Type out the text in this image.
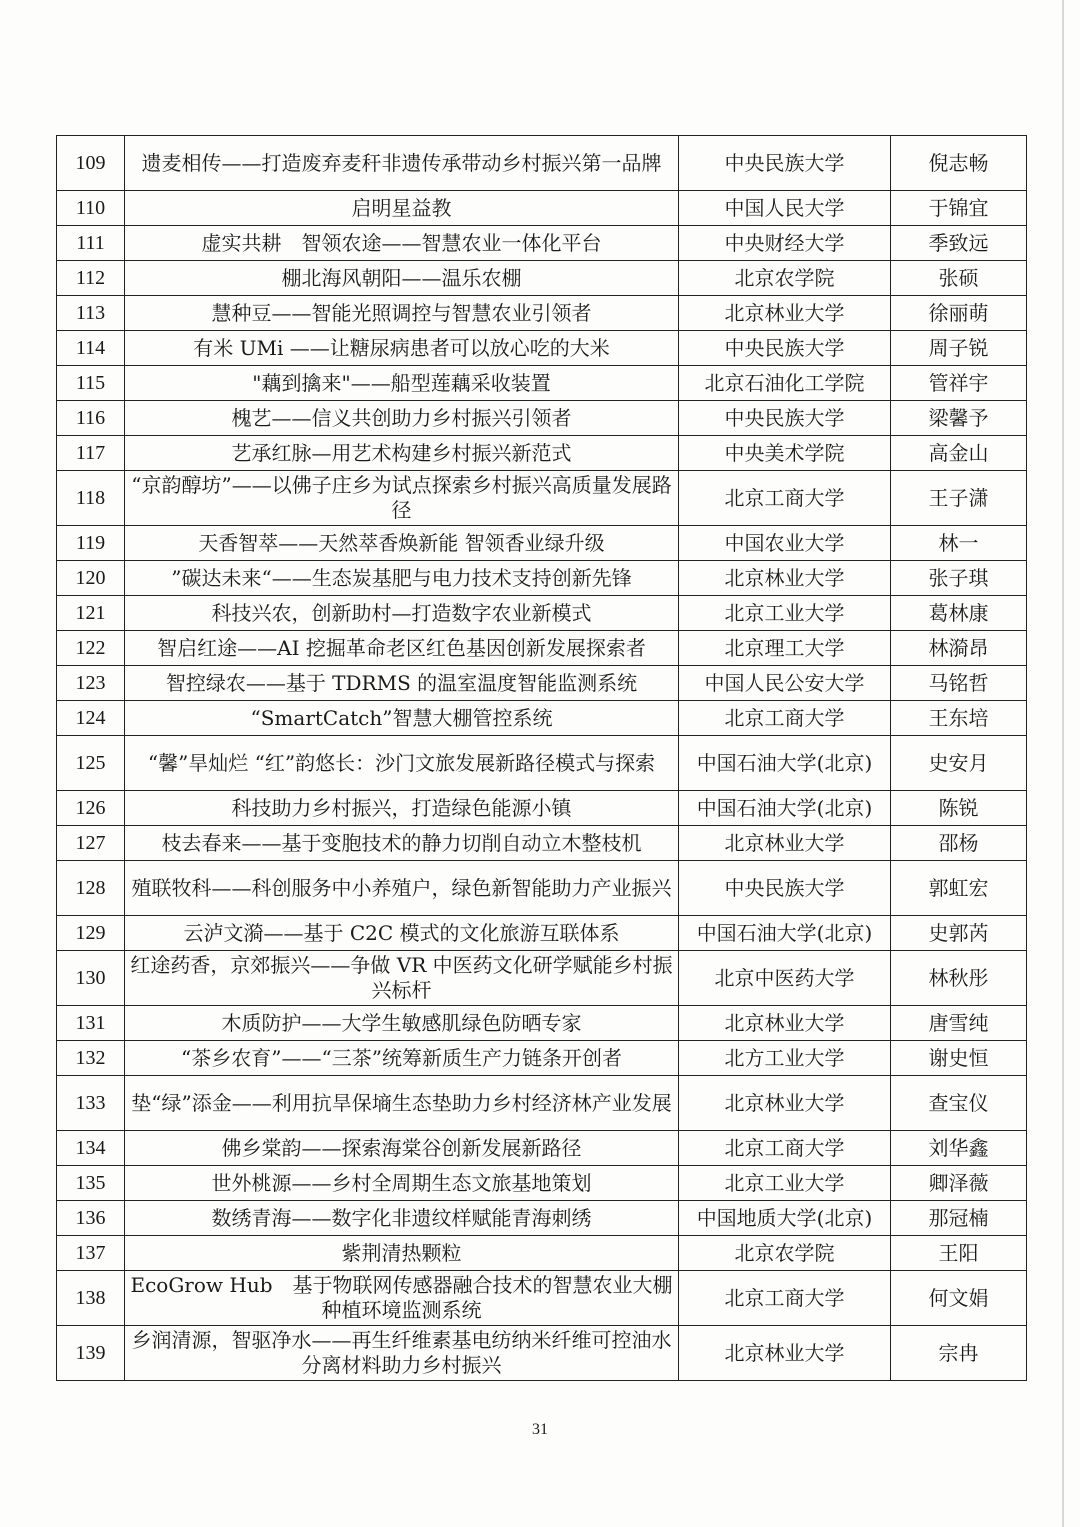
109	遗麦相传——打造废弃麦秆非遗传承带动乡村振兴第一品牌	中央民族大学	倪志畅
110	启明星益教	中国人民大学	于锦宜
111	虚实共耕　智领农途——智慧农业一体化平台	中央财经大学	季致远
112	棚北海风朝阳——温乐农棚	北京农学院	张硕
113	慧种豆——智能光照调控与智慧农业引领者	北京林业大学	徐丽萌
114	有米 UMi ——让糖尿病患者可以放心吃的大米	中央民族大学	周子锐
115	"藕到擒来"——船型莲藕采收装置	北京石油化工学院	管祥宇
116	槐艺——信义共创助力乡村振兴引领者	中央民族大学	梁馨予
117	艺承红脉—用艺术构建乡村振兴新范式	中央美术学院	高金山
118	“京韵醇坊”——以佛子庄乡为试点探索乡村振兴高质量发展路径	北京工商大学	王子潇
119	天香智萃——天然萃香焕新能 智领香业绿升级	中国农业大学	林一
120	”碳达未来“——生态炭基肥与电力技术支持创新先锋	北京林业大学	张子琪
121	科技兴农，创新助村—打造数字农业新模式	北京工业大学	葛林康
122	智启红途——AI 挖掘革命老区红色基因创新发展探索者	北京理工大学	林漪昂
123	智控绿农——基于 TDRMS 的温室温度智能监测系统	中国人民公安大学	马铭哲
124	“SmartCatch”智慧大棚管控系统	北京工商大学	王东培
125	“馨”旱灿烂 “红”韵悠长：沙门文旅发展新路径模式与探索	中国石油大学(北京)	史安月
126	科技助力乡村振兴，打造绿色能源小镇	中国石油大学(北京)	陈锐
127	枝去春来——基于变胞技术的静力切削自动立木整枝机	北京林业大学	邵杨
128	殖联牧科——科创服务中小养殖户，绿色新智能助力产业振兴	中央民族大学	郭虹宏
129	云泸文漪——基于 C2C 模式的文化旅游互联体系	中国石油大学(北京)	史郭芮
130	红途药香，京郊振兴——争做 VR 中医药文化研学赋能乡村振兴标杆	北京中医药大学	林秋彤
131	木质防护——大学生敏感肌绿色防晒专家	北京林业大学	唐雪纯
132	“茶乡农育”——“三茶”统筹新质生产力链条开创者	北方工业大学	谢史恒
133	垫“绿”添金——利用抗旱保墒生态垫助力乡村经济林产业发展	北京林业大学	查宝仪
134	佛乡棠韵——探索海棠谷创新发展新路径	北京工商大学	刘华鑫
135	世外桃源——乡村全周期生态文旅基地策划	北京工业大学	卿泽薇
136	数绣青海——数字化非遗纹样赋能青海刺绣	中国地质大学(北京)	那冠楠
137	紫荆清热颗粒	北京农学院	王阳
138	EcoGrow Hub　基于物联网传感器融合技术的智慧农业大棚种植环境监测系统	北京工商大学	何文娟
139	乡润清源，智驱净水——再生纤维素基电纺纳米纤维可控油水分离材料助力乡村振兴	北京林业大学	宗冉
31
